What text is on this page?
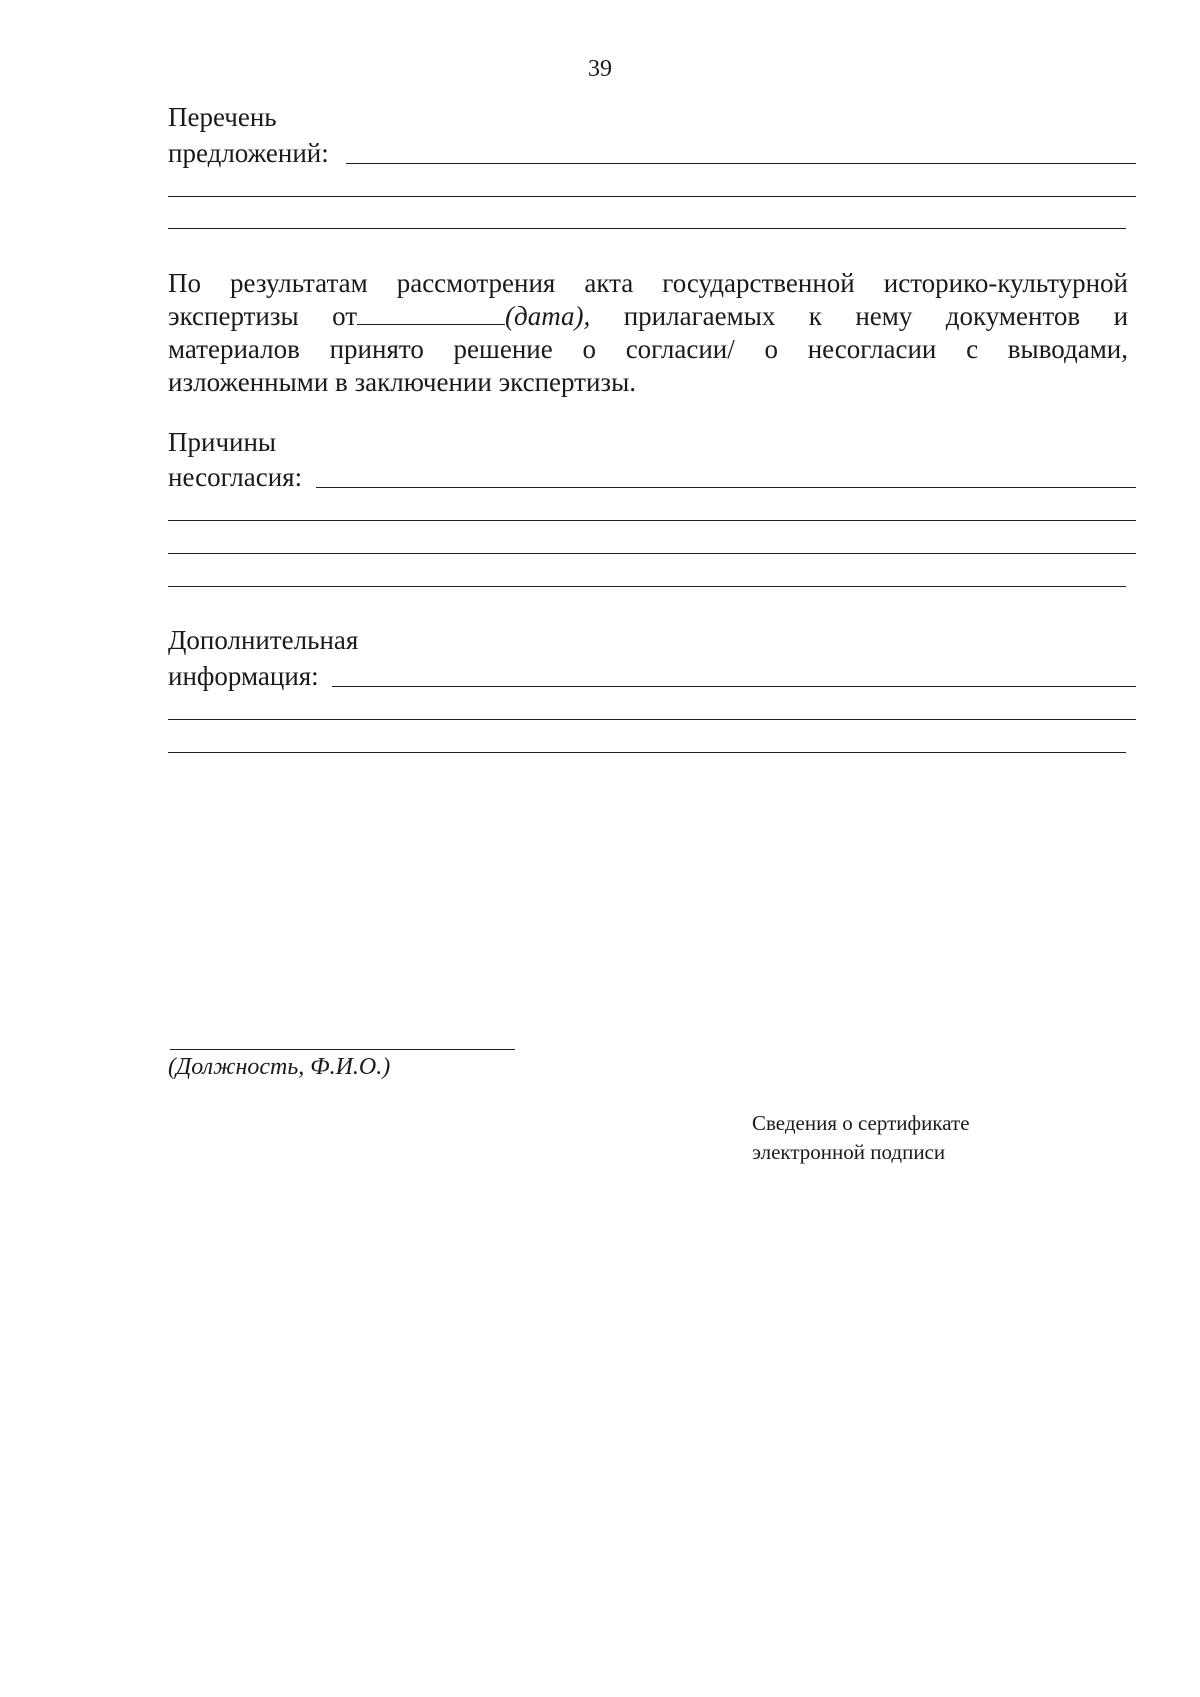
39
Перечень
предложений:
По результатам рассмотрения акта государственной историко-культурной
экспертизы от	(дата), прилагаемых к нему документов и
материалов принято решение о согласии/ о несогласии с выводами,
изложенными в заключении экспертизы.
Причины
несогласия:
Дополнительная
информация:
(Должность, Ф.И.О.)
Сведения о сертификате
электронной подписи
